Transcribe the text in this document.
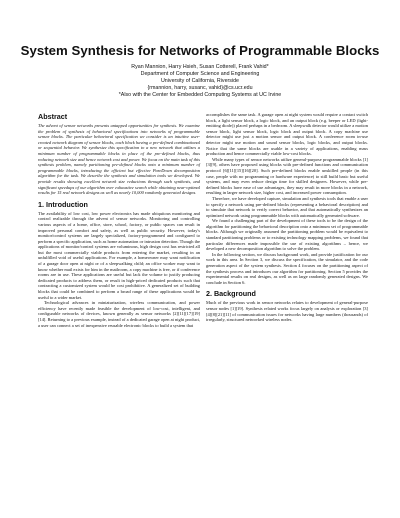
System Synthesis for Networks of Programmable Blocks
Ryan Mannion, Harry Hsieh, Susan Cotterell, Frank Vahid*
Department of Computer Science and Engineering
University of California, Riverside
{rmannion, harry, susanc, vahid}@cs.ucr.edu
*Also with the Center for Embedded Computing Systems at UC Irvine
Abstract

The advent of sensor networks presents untapped opportunities for synthesis. We examine the problem of synthesis of behavioral specifications into networks of programmable sensor blocks. The particular behavioral specification we consider is an intuitive user-created network diagram of sensor blocks, each block having a pre-defined combinational or sequential behavior. We synthesize this specification to a new network that utilizes a minimum number of programmable blocks in place of the pre-defined blocks, thus reducing network size and hence network cost and power. We focus on the main task of this synthesis problem, namely partitioning pre-defined blocks onto a minimum number of programmable blocks, introducing the efficient but effective PareDown decomposition algorithm for the task. We describe the synthesis and simulation tools we developed. We provide results showing excellent network size reductions through such synthesis, and significant speedups of our algorithm over exhaustive search while obtaining near-optimal results for 15 real network designs as well as nearly 10,000 randomly generated designs.

1. Introduction

The availability of low cost, low power electronics has made ubiquitous monitoring and control realizable through the advent of sensor networks. Monitoring and controlling various aspects of a home, office, store, school, factory, or public spaces can result in improved personal comfort and safety, as well as public security. However, today's monitor/control systems are largely specialized, factory-programmed and configured to perform a specific application, such as home automation or intrusion detection. Though the applications of monitor/control systems are voluminous, high design cost has restricted all but the most commercially viable products from entering the market, resulting in an unfulfilled void of useful applications. For example, a homeowner may want notification of a garage door open at night or of a sleepwalking child; an office worker may want to know whether mail exists for him in the mailroom, a copy machine is free, or if conference rooms are in use. These applications are useful but lack the volume to justify producing dedicated products to address them, or result in high-priced dedicated products such that contracting a customized system would be cost prohibitive. A generalized set of building blocks that could be combined to perform a broad range of these applications would be useful to a wider market.

Technological advances in miniaturization, wireless communication, and power efficiency have recently made feasible the development of low-cost, intelligent, and configurable networks of devices, known generally as sensor networks [2][11][17][19][14]. Returning to a previous example, instead of a dedicated garage open at night product, a user can connect a set of inexpensive reusable electronic blocks to build a system that

accomplishes the same task. A garage open at night system would require a contact switch block, a light sensor block, a logic block, and an output block (e.g. beeper or LED (light-emitting diode)) placed perhaps in a bedroom. A sleepwalk detector would utilize a motion sensor block, light sensor block, logic block and output block. A copy machine use detector might use just a motion sensor and output block. A conference room in-use detector might use motion and sound sensor blocks, logic blocks, and output blocks. Notice that the same blocks are usable in a variety of applications, enabling mass production and hence commercially viable low-cost blocks.

While many types of sensor networks utilize general-purpose programmable blocks [1][3][9], others have proposed using blocks with pre-defined functions and communication protocol [6][11][15][16][20]. Such pre-defined blocks enable unskilled people (in this case, people with no programming or hardware experience) to still build basic but useful systems, and may even reduce design time for skilled designers. However, while pre-defined blocks have ease of use advantages, they may result in more blocks in a network, resulting in larger network size, higher cost, and increased power consumption.

Therefore, we have developed capture, simulation and synthesis tools that enable a user to specify a network using pre-defined blocks (representing a behavioral description) and to simulate that network to verify correct behavior, and that automatically synthesizes an optimized network using programmable blocks with automatically generated software.

We found a challenging part of the development of these tools to be the design of the algorithm for partitioning the behavioral description onto a minimum set of programmable blocks. Although we originally assumed the partitioning problem would be equivalent to standard partitioning problems or to existing technology mapping problems, we found that particular differences made impossible the use of existing algorithms – hence, we developed a new decomposition algorithm to solve the problem.

In the following section, we discuss background work, and provide justification for our work in this area. In Section 3, we discuss the specification, the simulator, and the code generation aspect of the system synthesis. Section 4 focuses on the partitioning aspect of the synthesis process and introduces our algorithm for partitioning. Section 5 provides the experimental results on real designs, as well as on large randomly generated designs. We conclude in Section 6.

2. Background

Much of the previous work in sensor networks relates to development of general-purpose sensor nodes [1][19]. Synthesis related works focus largely on analysis or exploration [3][4][8][21][11] of communication issues for networks having large numbers (thousands) of irregularly, structured networked wireless nodes.
